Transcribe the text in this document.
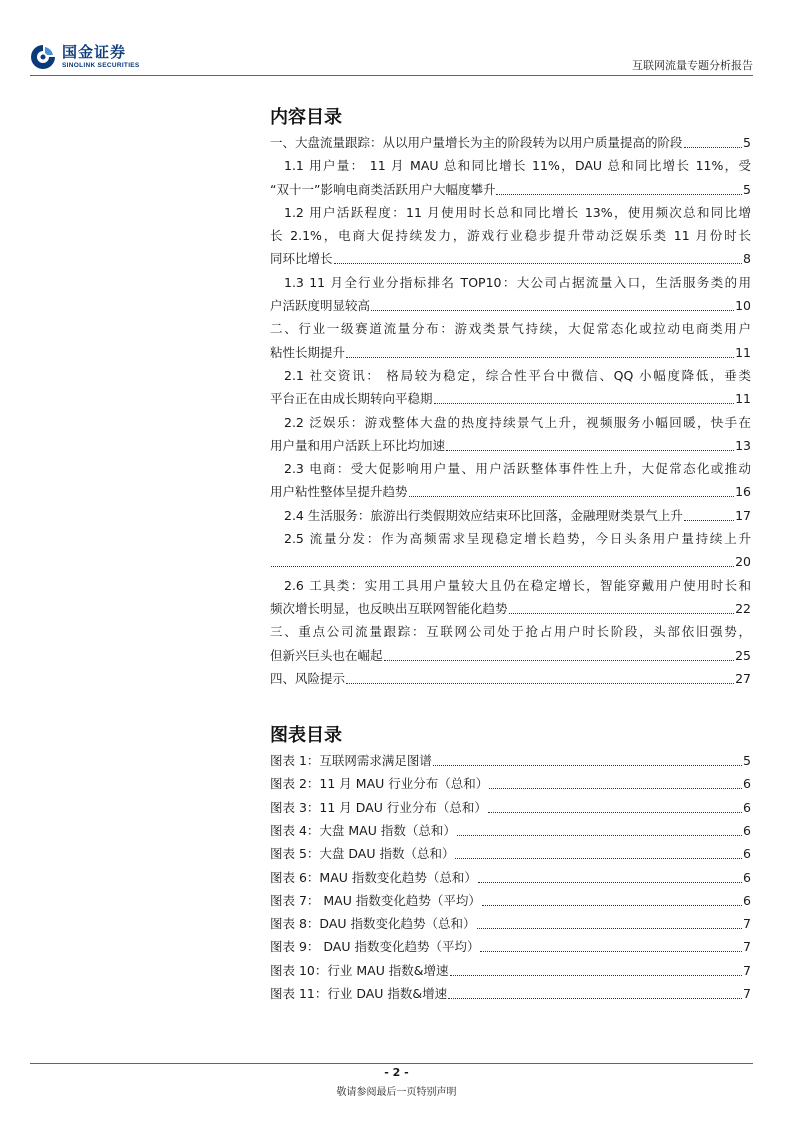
国金证券
SINOLINK SECURITIES	互联网流量专题分析报告
内容目录
一、大盘流量跟踪：从以用户量增长为主的阶段转为以用户质量提高的阶段	5
1.1 用户量： 11 月 MAU 总和同比增长 11%，DAU 总和同比增长 11%，受
“双十一”影响电商类活跃用户大幅度攀升	5
1.2 用户活跃程度：11 月使用时长总和同比增长 13%，使用频次总和同比增
长 2.1%，电商大促持续发力，游戏行业稳步提升带动泛娱乐类 11 月份时长
同环比增长	8
1.3 11 月全行业分指标排名 TOP10：大公司占据流量入口，生活服务类的用
户活跃度明显较高	10
二、行业一级赛道流量分布：游戏类景气持续，大促常态化或拉动电商类用户
粘性长期提升	11
2.1 社交资讯： 格局较为稳定，综合性平台中微信、QQ 小幅度降低，垂类
平台正在由成长期转向平稳期	11
2.2 泛娱乐：游戏整体大盘的热度持续景气上升，视频服务小幅回暖，快手在
用户量和用户活跃上环比均加速	13
2.3 电商：受大促影响用户量、用户活跃整体事件性上升，大促常态化或推动
用户粘性整体呈提升趋势	16
2.4 生活服务：旅游出行类假期效应结束环比回落，金融理财类景气上升	17
2.5 流量分发：作为高频需求呈现稳定增长趋势，今日头条用户量持续上升
20
2.6 工具类：实用工具用户量较大且仍在稳定增长，智能穿戴用户使用时长和
频次增长明显，也反映出互联网智能化趋势	22
三、重点公司流量跟踪：互联网公司处于抢占用户时长阶段，头部依旧强势，
但新兴巨头也在崛起	25
四、风险提示	27
图表目录
图表 1：互联网需求满足图谱	5
图表 2：11 月 MAU 行业分布（总和）	6
图表 3：11 月 DAU 行业分布（总和）	6
图表 4：大盘 MAU 指数（总和）	6
图表 5：大盘 DAU 指数（总和）	6
图表 6：MAU 指数变化趋势（总和）	6
图表 7： MAU 指数变化趋势（平均）	6
图表 8：DAU 指数变化趋势（总和）	7
图表 9： DAU 指数变化趋势（平均）	7
图表 10：行业 MAU 指数&增速	7
图表 11：行业 DAU 指数&增速	7
- 2 -
敬请参阅最后一页特别声明
